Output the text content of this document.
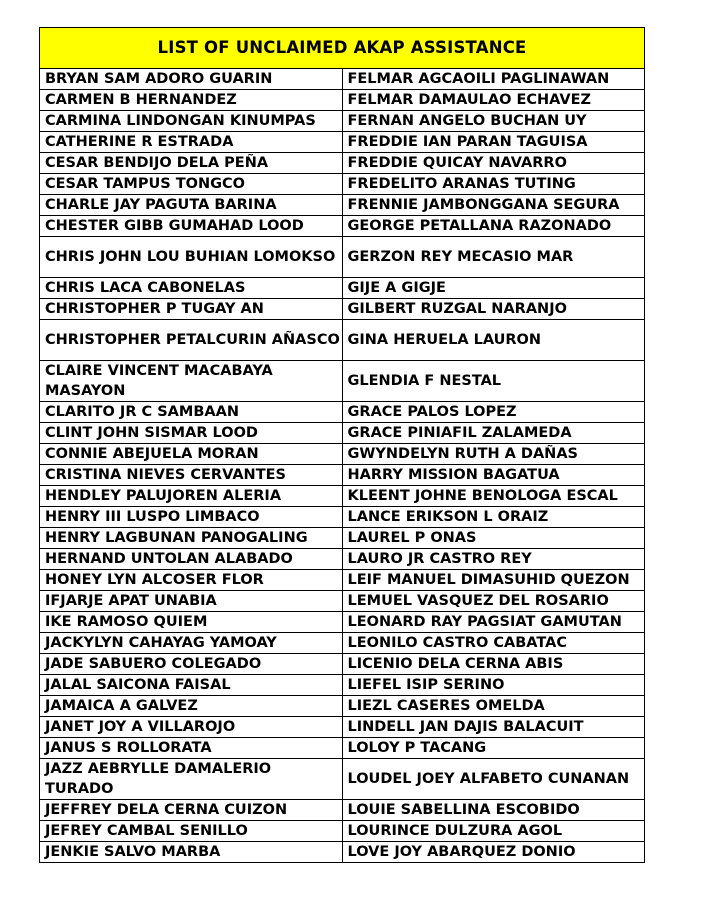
LIST OF UNCLAIMED AKAP ASSISTANCE	
BRYAN SAM ADORO GUARIN	FELMAR AGCAOILI PAGLINAWAN
CARMEN B HERNANDEZ	FELMAR DAMAULAO ECHAVEZ
CARMINA LINDONGAN KINUMPAS	FERNAN ANGELO BUCHAN UY
CATHERINE R ESTRADA	FREDDIE IAN PARAN TAGUISA
CESAR BENDIJO DELA PEÑA	FREDDIE QUICAY NAVARRO
CESAR TAMPUS TONGCO	FREDELITO ARANAS TUTING
CHARLE JAY PAGUTA BARINA	FRENNIE JAMBONGGANA SEGURA
CHESTER GIBB GUMAHAD LOOD	GEORGE PETALLANA RAZONADO
CHRIS JOHN LOU BUHIAN LOMOKSO	GERZON REY MECASIO MAR
CHRIS LACA CABONELAS	GIJE A GIGJE
CHRISTOPHER P TUGAY AN	GILBERT RUZGAL NARANJO
CHRISTOPHER PETALCURIN AÑASCO	GINA HERUELA LAURON
CLAIRE VINCENT MACABAYA MASAYON	GLENDIA F NESTAL
CLARITO JR C SAMBAAN	GRACE PALOS LOPEZ
CLINT JOHN SISMAR LOOD	GRACE PINIAFIL ZALAMEDA
CONNIE ABEJUELA MORAN	GWYNDELYN RUTH A DAÑAS
CRISTINA NIEVES CERVANTES	HARRY MISSION BAGATUA
HENDLEY PALUJOREN ALERIA	KLEENT JOHNE BENOLOGA ESCAL
HENRY III LUSPO LIMBACO	LANCE ERIKSON L ORAIZ
HENRY LAGBUNAN PANOGALING	LAUREL P ONAS
HERNAND UNTOLAN ALABADO	LAURO JR CASTRO REY
HONEY LYN ALCOSER FLOR	LEIF MANUEL DIMASUHID QUEZON
IFJARJE APAT UNABIA	LEMUEL VASQUEZ DEL ROSARIO
IKE RAMOSO QUIEM	LEONARD RAY PAGSIAT GAMUTAN
JACKYLYN CAHAYAG YAMOAY	LEONILO CASTRO CABATAC
JADE SABUERO COLEGADO	LICENIO DELA CERNA ABIS
JALAL SAICONA FAISAL	LIEFEL ISIP SERINO
JAMAICA A GALVEZ	LIEZL CASERES OMELDA
JANET JOY A VILLAROJO	LINDELL JAN DAJIS BALACUIT
JANUS S ROLLORATA	LOLOY P TACANG
JAZZ AEBRYLLE DAMALERIO TURADO	LOUDEL JOEY ALFABETO CUNANAN
JEFFREY DELA CERNA CUIZON	LOUIE SABELLINA ESCOBIDO
JEFREY CAMBAL SENILLO	LOURINCE DULZURA AGOL
JENKIE SALVO MARBA	LOVE JOY ABARQUEZ DONIO
